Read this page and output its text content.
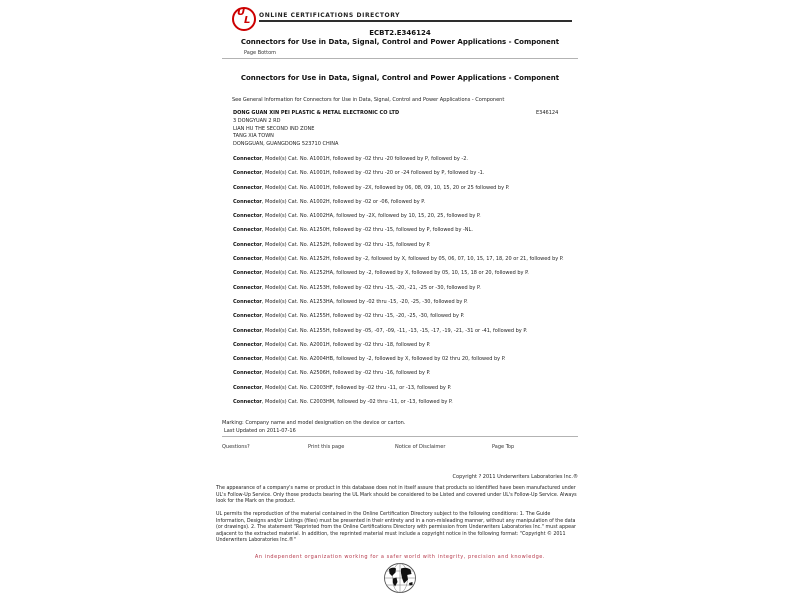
U
L ONLINE CERTIFICATIONS DIRECTORY
ECBT2.E346124
Connectors for Use in Data, Signal, Control and Power Applications - Component
Page Bottom
Connectors for Use in Data, Signal, Control and Power Applications - Component
See General Information for Connectors for Use in Data, Signal, Control and Power Applications - Component
DONG GUAN XIN PEI PLASTIC & METAL ELECTRONIC CO LTD	E346124
3 DONGYUAN 2 RD
LIAN HU THE SECOND IND ZONE
TANG XIA TOWN
DONGGUAN, GUANGDONG 523710 CHINA

Connector, Model(s) Cat. No. A1001H, followed by -02 thru -20 followed by P, followed by -2.

Connector, Model(s) Cat. No. A1001H, followed by -02 thru -20 or -24 followed by P, followed by -1.

Connector, Model(s) Cat. No. A1001H, followed by -2X, followed by 06, 08, 09, 10, 15, 20 or 25 followed by P.

Connector, Model(s) Cat. No. A1002H, followed by -02 or -06, followed by P.

Connector, Model(s) Cat. No. A1002HA, followed by -2X, followed by 10, 15, 20, 25, followed by P.

Connector, Model(s) Cat. No. A1250H, followed by -02 thru -15, followed by P, followed by -NL.

Connector, Model(s) Cat. No. A1252H, followed by -02 thru -15, followed by P.

Connector, Model(s) Cat. No. A1252H, followed by -2, followed by X, followed by 05, 06, 07, 10, 15, 17, 18, 20 or 21, followed by P.

Connector, Model(s) Cat. No. A1252HA, followed by -2, followed by X, followed by 05, 10, 15, 18 or 20, followed by P.

Connector, Model(s) Cat. No. A1253H, followed by -02 thru -15, -20, -21, -25 or -30, followed by P.

Connector, Model(s) Cat. No. A1253HA, followed by -02 thru -15, -20, -25, -30, followed by P.

Connector, Model(s) Cat. No. A1255H, followed by -02 thru -15, -20, -25, -30, followed by P.

Connector, Model(s) Cat. No. A1255H, followed by -05, -07, -09, -11, -13, -15, -17, -19, -21, -31 or -41, followed by P.

Connector, Model(s) Cat. No. A2001H, followed by -02 thru -18, followed by P.

Connector, Model(s) Cat. No. A2004HB, followed by -2, followed by X, followed by 02 thru 20, followed by P.

Connector, Model(s) Cat. No. A2506H, followed by -02 thru -16, followed by P.

Connector, Model(s) Cat. No. C2003HF, followed by -02 thru -11, or -13, followed by P.

Connector, Model(s) Cat. No. C2003HM, followed by -02 thru -11, or -13, followed by P.

Marking: Company name and model designation on the device or carton.
Last Updated on 2011-07-16
Questions?	Print this page	Notice of Disclaimer	Page Top
Copyright ? 2011 Underwriters Laboratories Inc.®
The appearance of a company's name or product in this database does not in itself assure that products so identified have been manufactured under UL's Follow-Up Service. Only those products bearing the UL Mark should be considered to be Listed and covered under UL's Follow-Up Service. Always look for the Mark on the product.
UL permits the reproduction of the material contained in the Online Certification Directory subject to the following conditions: 1. The Guide Information, Designs and/or Listings (files) must be presented in their entirety and in a non-misleading manner, without any manipulation of the data (or drawings). 2. The statement "Reprinted from the Online Certifications Directory with permission from Underwriters Laboratories Inc." must appear adjacent to the extracted material. In addition, the reprinted material must include a copyright notice in the following format: "Copyright © 2011 Underwriters Laboratories Inc.®"
An independent organization working for a safer world with integrity, precision and knowledge.
